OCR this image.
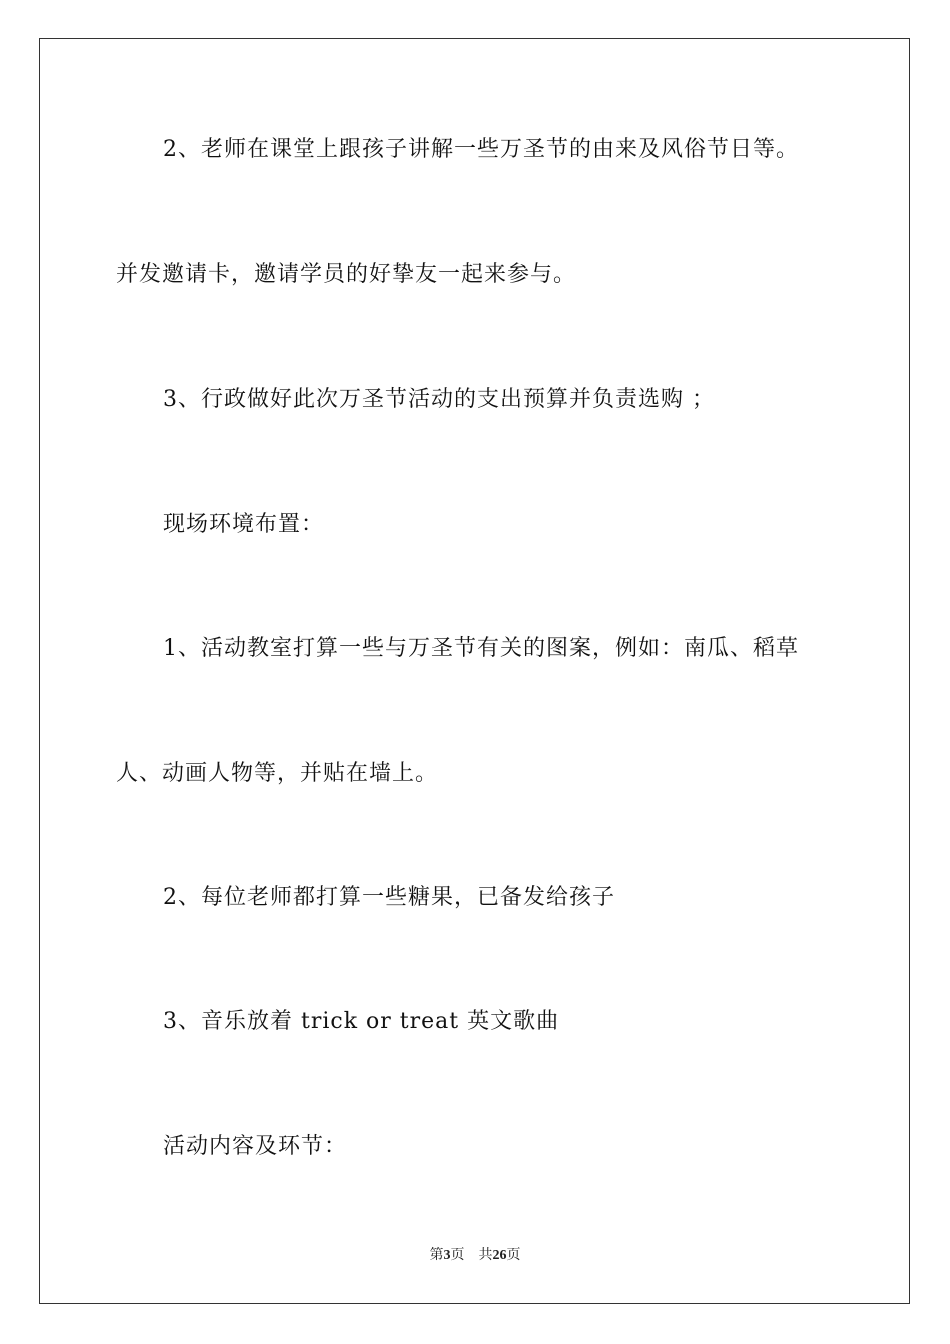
2、老师在课堂上跟孩子讲解一些万圣节的由来及风俗节日等。
并发邀请卡，邀请学员的好挚友一起来参与。
3、行政做好此次万圣节活动的支出预算并负责选购 ；
现场环境布置：
1、活动教室打算一些与万圣节有关的图案，例如：南瓜、稻草
人、动画人物等，并贴在墙上。
2、每位老师都打算一些糖果，已备发给孩子
3、音乐放着 trick or treat 英文歌曲
活动内容及环节：
第3页 共26页
